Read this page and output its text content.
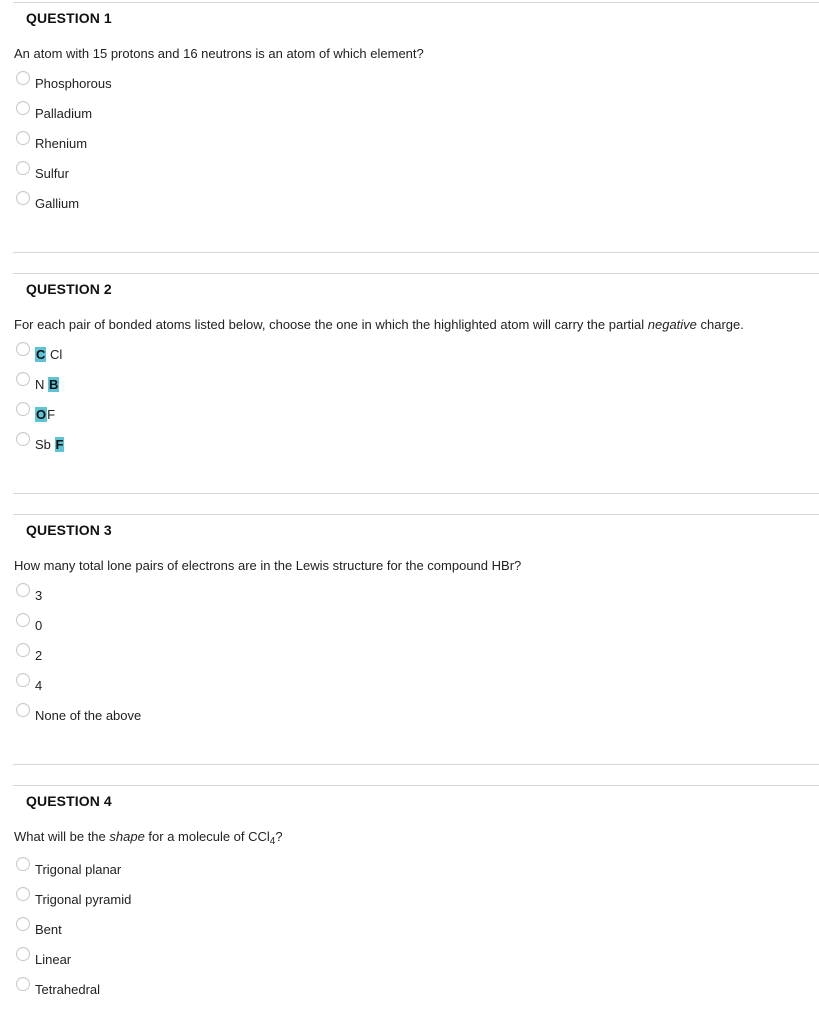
QUESTION 1
An atom with 15 protons and 16 neutrons is an atom of which element?
Phosphorous
Palladium
Rhenium
Sulfur
Gallium
QUESTION 2
For each pair of bonded atoms listed below, choose the one in which the highlighted atom will carry the partial negative charge.
C Cl
N B
OF
Sb F
QUESTION 3
How many total lone pairs of electrons are in the Lewis structure for the compound HBr?
3
0
2
4
None of the above
QUESTION 4
What will be the shape for a molecule of CCl$_4$?
Trigonal planar
Trigonal pyramid
Bent
Linear
Tetrahedral
